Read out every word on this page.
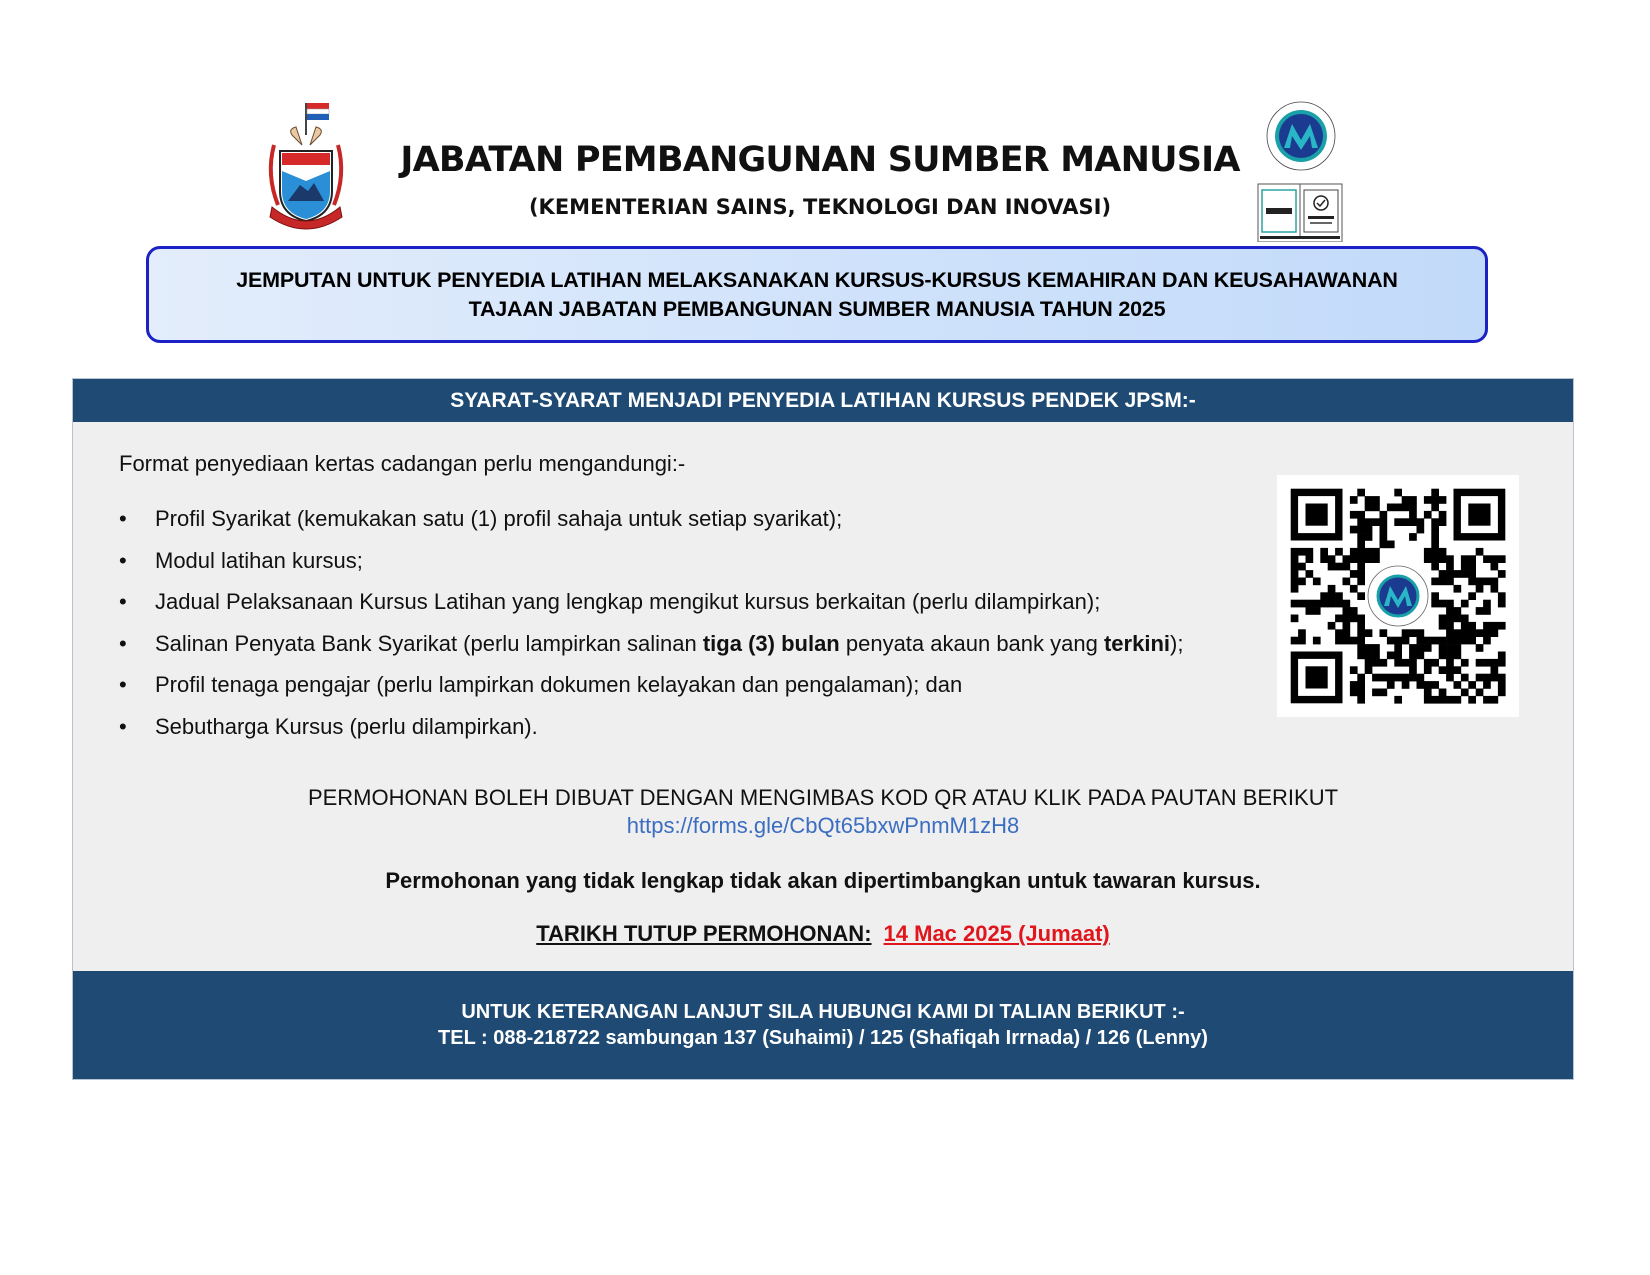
JABATAN PEMBANGUNAN SUMBER MANUSIA
(KEMENTERIAN SAINS, TEKNOLOGI DAN INOVASI)
JEMPUTAN UNTUK PENYEDIA LATIHAN MELAKSANAKAN KURSUS-KURSUS KEMAHIRAN DAN KEUSAHAWANAN
TAJAAN JABATAN PEMBANGUNAN SUMBER MANUSIA TAHUN 2025
SYARAT-SYARAT MENJADI PENYEDIA LATIHAN KURSUS PENDEK JPSM:-
Format penyediaan kertas cadangan perlu mengandungi:-
•	Profil Syarikat (kemukakan satu (1) profil sahaja untuk setiap syarikat);
•	Modul latihan kursus;
•	Jadual Pelaksanaan Kursus Latihan yang lengkap mengikut kursus berkaitan (perlu dilampirkan);
•	Salinan Penyata Bank Syarikat (perlu lampirkan salinan tiga (3) bulan penyata akaun bank yang terkini);
•	Profil tenaga pengajar (perlu lampirkan dokumen kelayakan dan pengalaman); dan
•	Sebutharga Kursus (perlu dilampirkan).
PERMOHONAN BOLEH DIBUAT DENGAN MENGIMBAS KOD QR ATAU KLIK PADA PAUTAN BERIKUT
https://forms.gle/CbQt65bxwPnmM1zH8
Permohonan yang tidak lengkap tidak akan dipertimbangkan untuk tawaran kursus.
TARIKH TUTUP PERMOHONAN: 14 Mac 2025 (Jumaat)
UNTUK KETERANGAN LANJUT SILA HUBUNGI KAMI DI TALIAN BERIKUT :-
TEL : 088-218722 sambungan 137 (Suhaimi) / 125 (Shafiqah Irrnada) / 126 (Lenny)
